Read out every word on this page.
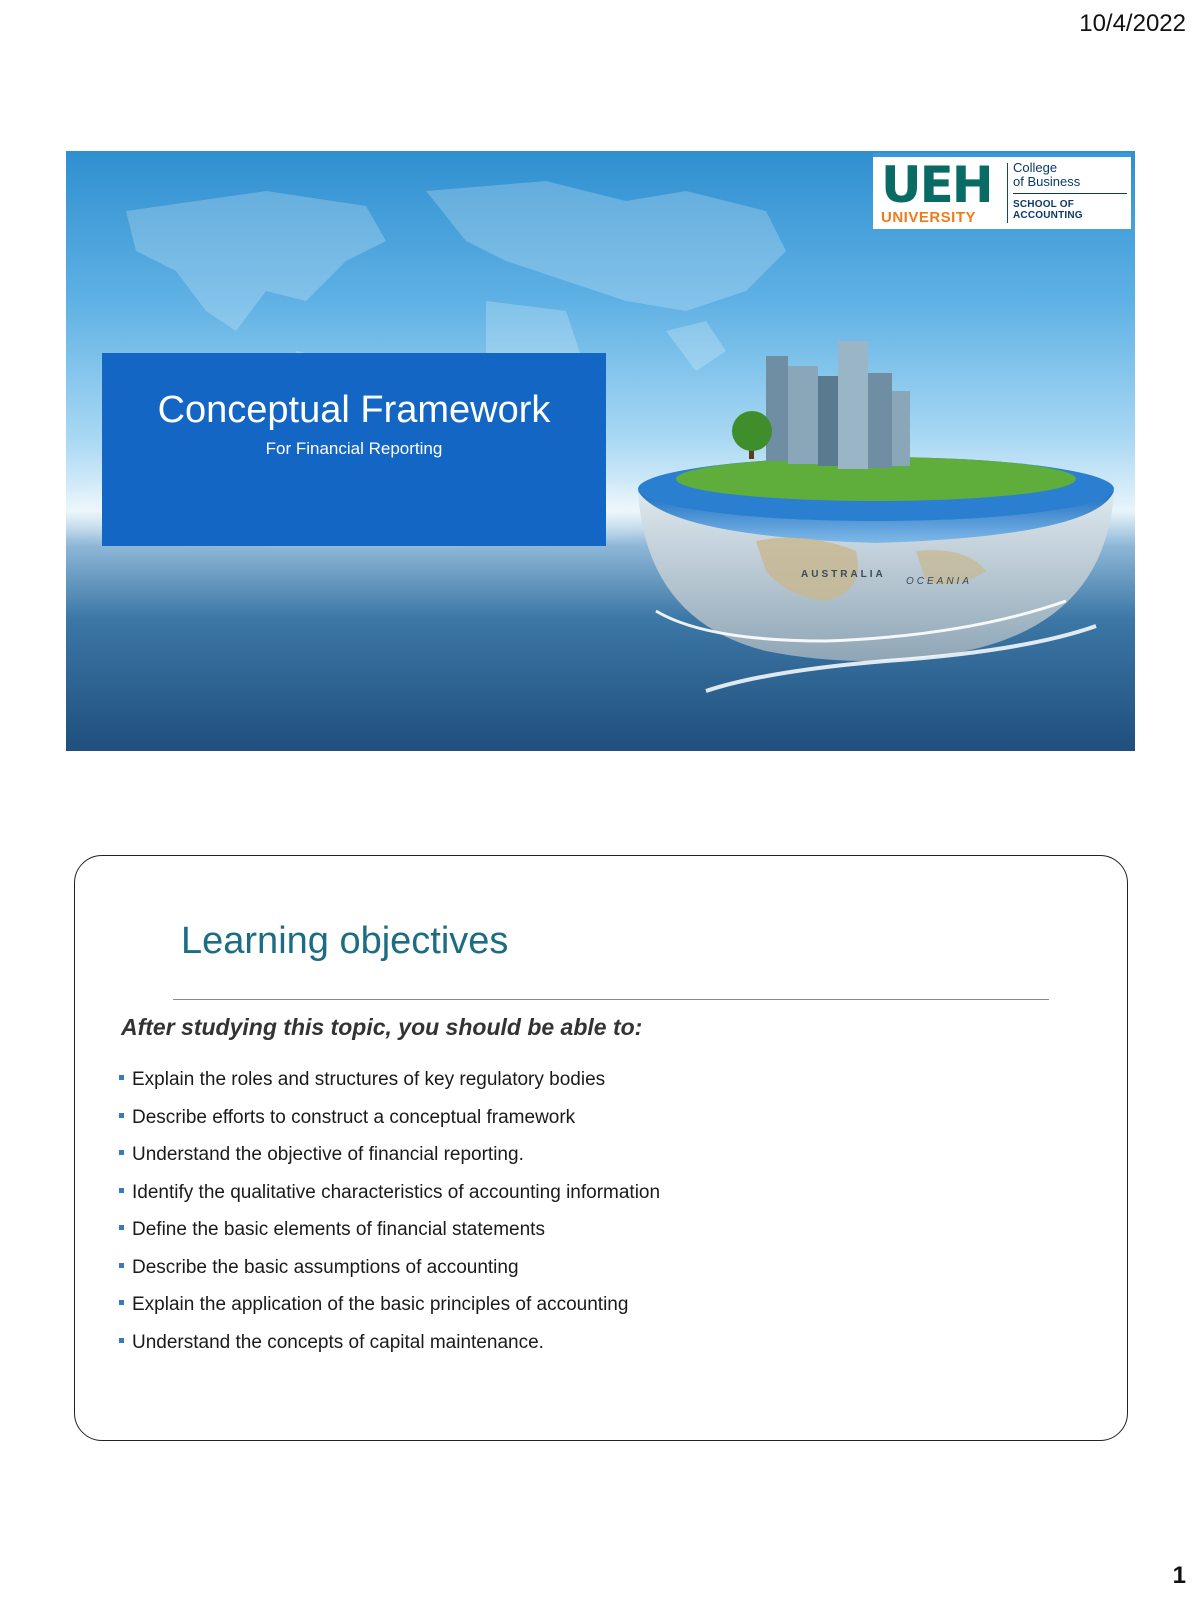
10/4/2022
UEH
UNIVERSITY
College
of Business
SCHOOL OF ACCOUNTING
AUSTRALIA
OCEANIA
Conceptual Framework
For Financial Reporting
Learning objectives
After studying this topic, you should be able to:
Explain the roles and structures of key regulatory bodies
Describe efforts to construct a conceptual framework
Understand the objective of financial reporting.
Identify the qualitative characteristics of accounting information
Define the basic elements of financial statements
Describe the basic assumptions of accounting
Explain the application of the basic principles of accounting
Understand the concepts of capital maintenance.
1
